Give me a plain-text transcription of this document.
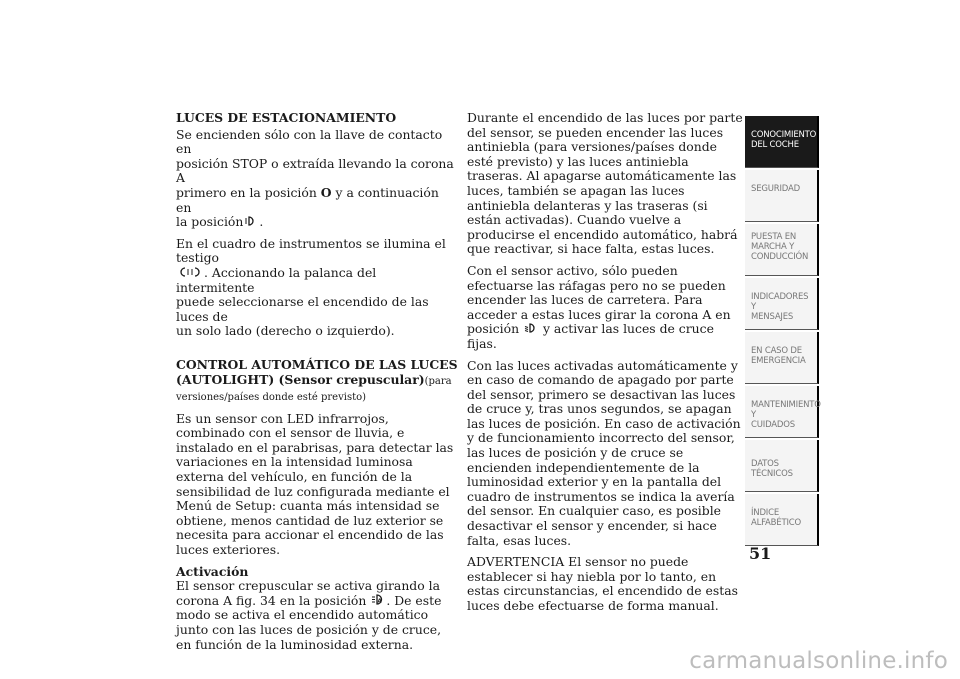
LUCES DE ESTACIONAMIENTO

Se encienden sólo con la llave de contacto en
posición STOP o extraída llevando la corona A
primero en la posición O y a continuación en
la posición .

En el cuadro de instrumentos se ilumina el testigo
. Accionando la palanca del intermitente
puede seleccionarse el encendido de las luces de
un solo lado (derecho o izquierdo).

CONTROL AUTOMÁTICO DE LAS LUCES
(AUTOLIGHT) (Sensor crepuscular)(para
versiones/países donde esté previsto)

Es un sensor con LED infrarrojos, combinado con el sensor de lluvia, e instalado en el parabrisas, para detectar las variaciones en la intensidad luminosa externa del vehículo, en función de la sensibilidad de luz configurada mediante el Menú de Setup: cuanta más intensidad se obtiene, menos cantidad de luz exterior se necesita para accionar el encendido de las luces exteriores.

Activación

El sensor crepuscular se activa girando la corona A fig. 34 en la posición A . De este modo se activa el encendido automático junto con las luces de posición y de cruce, en función de la luminosidad externa.

Durante el encendido de las luces por parte del sensor, se pueden encender las luces antiniebla (para versiones/países donde esté previsto) y las luces antiniebla traseras. Al apagarse automáticamente las luces, también se apagan las luces antiniebla delanteras y las traseras (si están activadas). Cuando vuelve a producirse el encendido automático, habrá que reactivar, si hace falta, estas luces.

Con el sensor activo, sólo pueden efectuarse las ráfagas pero no se pueden encender las luces de carretera. Para acceder a estas luces girar la corona A en posición y activar las luces de cruce fijas.

Con las luces activadas automáticamente y en caso de comando de apagado por parte del sensor, primero se desactivan las luces de cruce y, tras unos segundos, se apagan las luces de posición. En caso de activación y de funcionamiento incorrecto del sensor, las luces de posición y de cruce se encienden independientemente de la luminosidad exterior y en la pantalla del cuadro de instrumentos se indica la avería del sensor. En cualquier caso, es posible desactivar el sensor y encender, si hace falta, esas luces.

ADVERTENCIA El sensor no puede establecer si hay niebla por lo tanto, en estas circunstancias, el encendido de estas luces debe efectuarse de forma manual.

CONOCIMIENTO
DEL COCHE
SEGURIDAD
PUESTA EN
MARCHA Y
CONDUCCIÓN
INDICADORES Y
MENSAJES
EN CASO DE
EMERGENCIA
MANTENIMIENTO Y
CUIDADOS
DATOS TÉCNICOS
ÍNDICE
ALFABÉTICO
51
carmanualsonline.info
